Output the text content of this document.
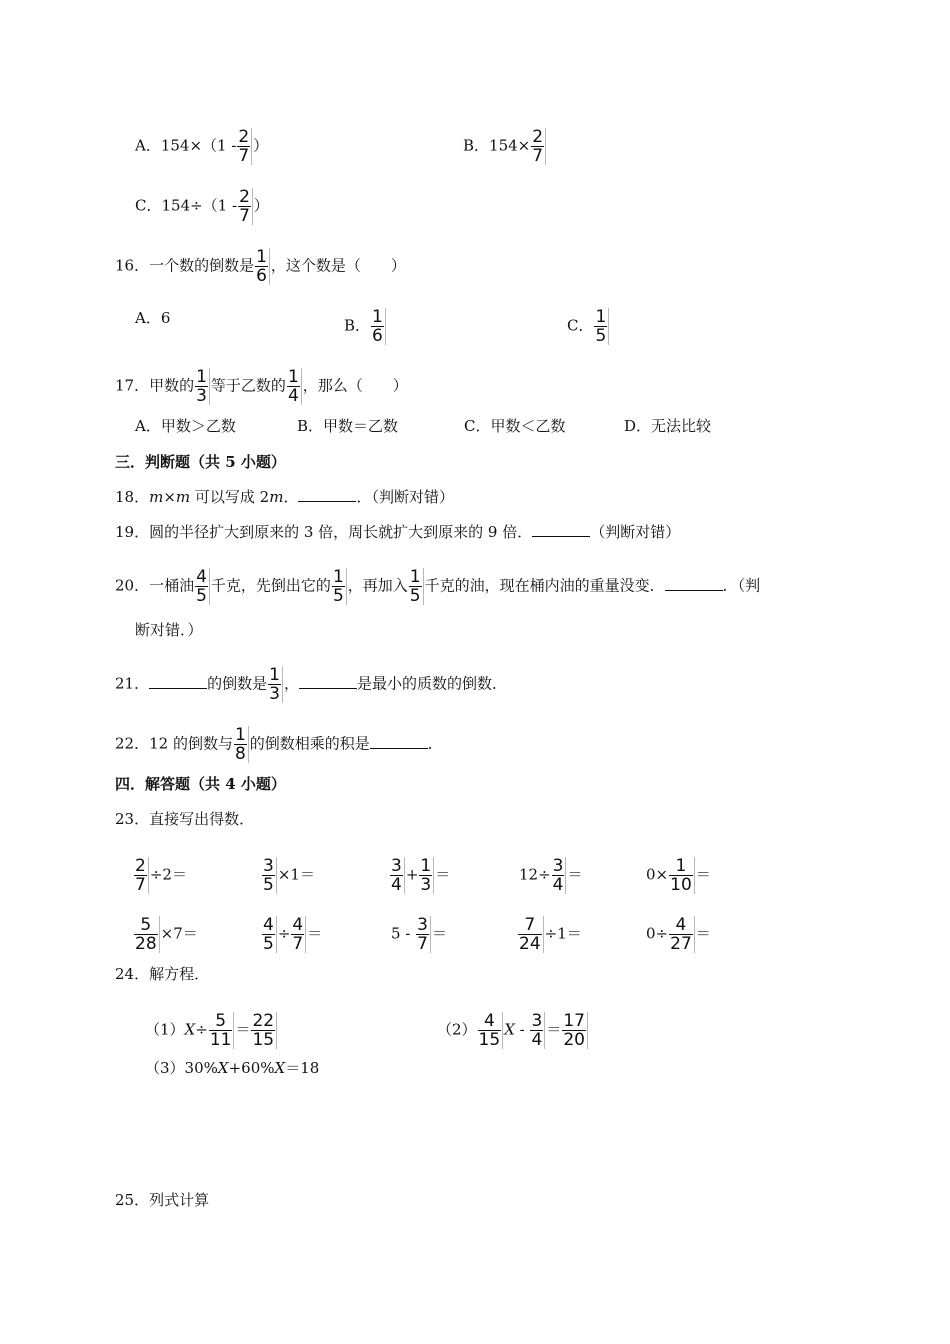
A．$154\times(1 - \frac{2}{7}$ ）	B．$154\times \frac{2}{7}$
C．$154\div(1 - \frac{2}{7}$ ）
16．一个数的倒数是 $\frac{1}{6}$ ，这个数是（　　）
A．6	B． $\frac{1}{6}$	C． $\frac{1}{5}$
17．甲数的 $\frac{1}{3}$ 等于乙数的 $\frac{1}{4}$ ，那么（　　）
A．甲数＞乙数	B．甲数＝乙数	C．甲数＜乙数	D．无法比较
三．判断题（共 5 小题）
18．m×m 可以写成 2m．	．（判断对错）
19．圆的半径扩大到原来的 3 倍，周长就扩大到原来的 9 倍．	（判断对错）
20．一桶油 $\frac{4}{5}$ 千克，先倒出它的 $\frac{1}{5}$ ，再加入 $\frac{1}{5}$ 千克的油，现在桶内油的重量没变．	．（判
断对错．）
21．	的倒数是 $\frac{1}{3}$ ，	是最小的质数的倒数．
22．12 的倒数与 $\frac{1}{8}$ 的倒数相乘的积是	．
四．解答题（共 4 小题）
23．直接写出得数．
$\frac{2}{7} \div 2=$	$\frac{3}{5} \times 1=$	$\frac{3}{4} + \frac{1}{3}$ ＝	$12\div \frac{3}{4}$ ＝	$0\times \frac{1}{10}$ ＝
$\frac{5}{28} \times 7=$	$\frac{4}{5} \div \frac{4}{7}$ ＝	$5 - \frac{3}{7}$ ＝	$\frac{7}{24} \div 1=$	$0\div \frac{4}{27}$ ＝
24．解方程．
$(1)X\div \frac{5}{11} = \frac{22}{15}$	$(2) \frac{4}{15}$ $X - \frac{3}{4} = \frac{17}{20}$
（3）30%X+60%X＝18
25．列式计算
